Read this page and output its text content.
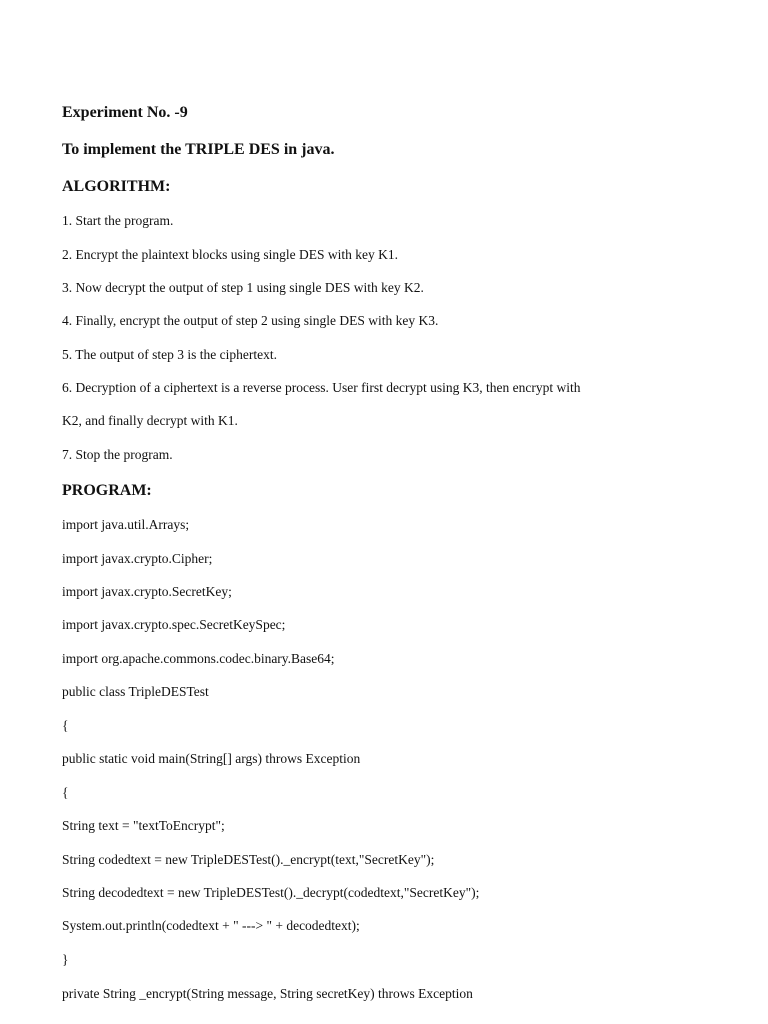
Experiment No. -9
To implement the TRIPLE DES in java.
ALGORITHM:
1. Start the program.
2. Encrypt the plaintext blocks using single DES with key K1.
3. Now decrypt the output of step 1 using single DES with key K2.
4. Finally, encrypt the output of step 2 using single DES with key K3.
5. The output of step 3 is the ciphertext.
6. Decryption of a ciphertext is a reverse process. User first decrypt using K3, then encrypt with
K2, and finally decrypt with K1.
7. Stop the program.
PROGRAM:
import java.util.Arrays;
import javax.crypto.Cipher;
import javax.crypto.SecretKey;
import javax.crypto.spec.SecretKeySpec;
import org.apache.commons.codec.binary.Base64;
public class TripleDESTest
{
public static void main(String[] args) throws Exception
{
String text = "textToEncrypt";
String codedtext = new TripleDESTest()._encrypt(text,"SecretKey");
String decodedtext = new TripleDESTest()._decrypt(codedtext,"SecretKey");
System.out.println(codedtext + " ---> " + decodedtext);
}
private String _encrypt(String message, String secretKey) throws Exception
